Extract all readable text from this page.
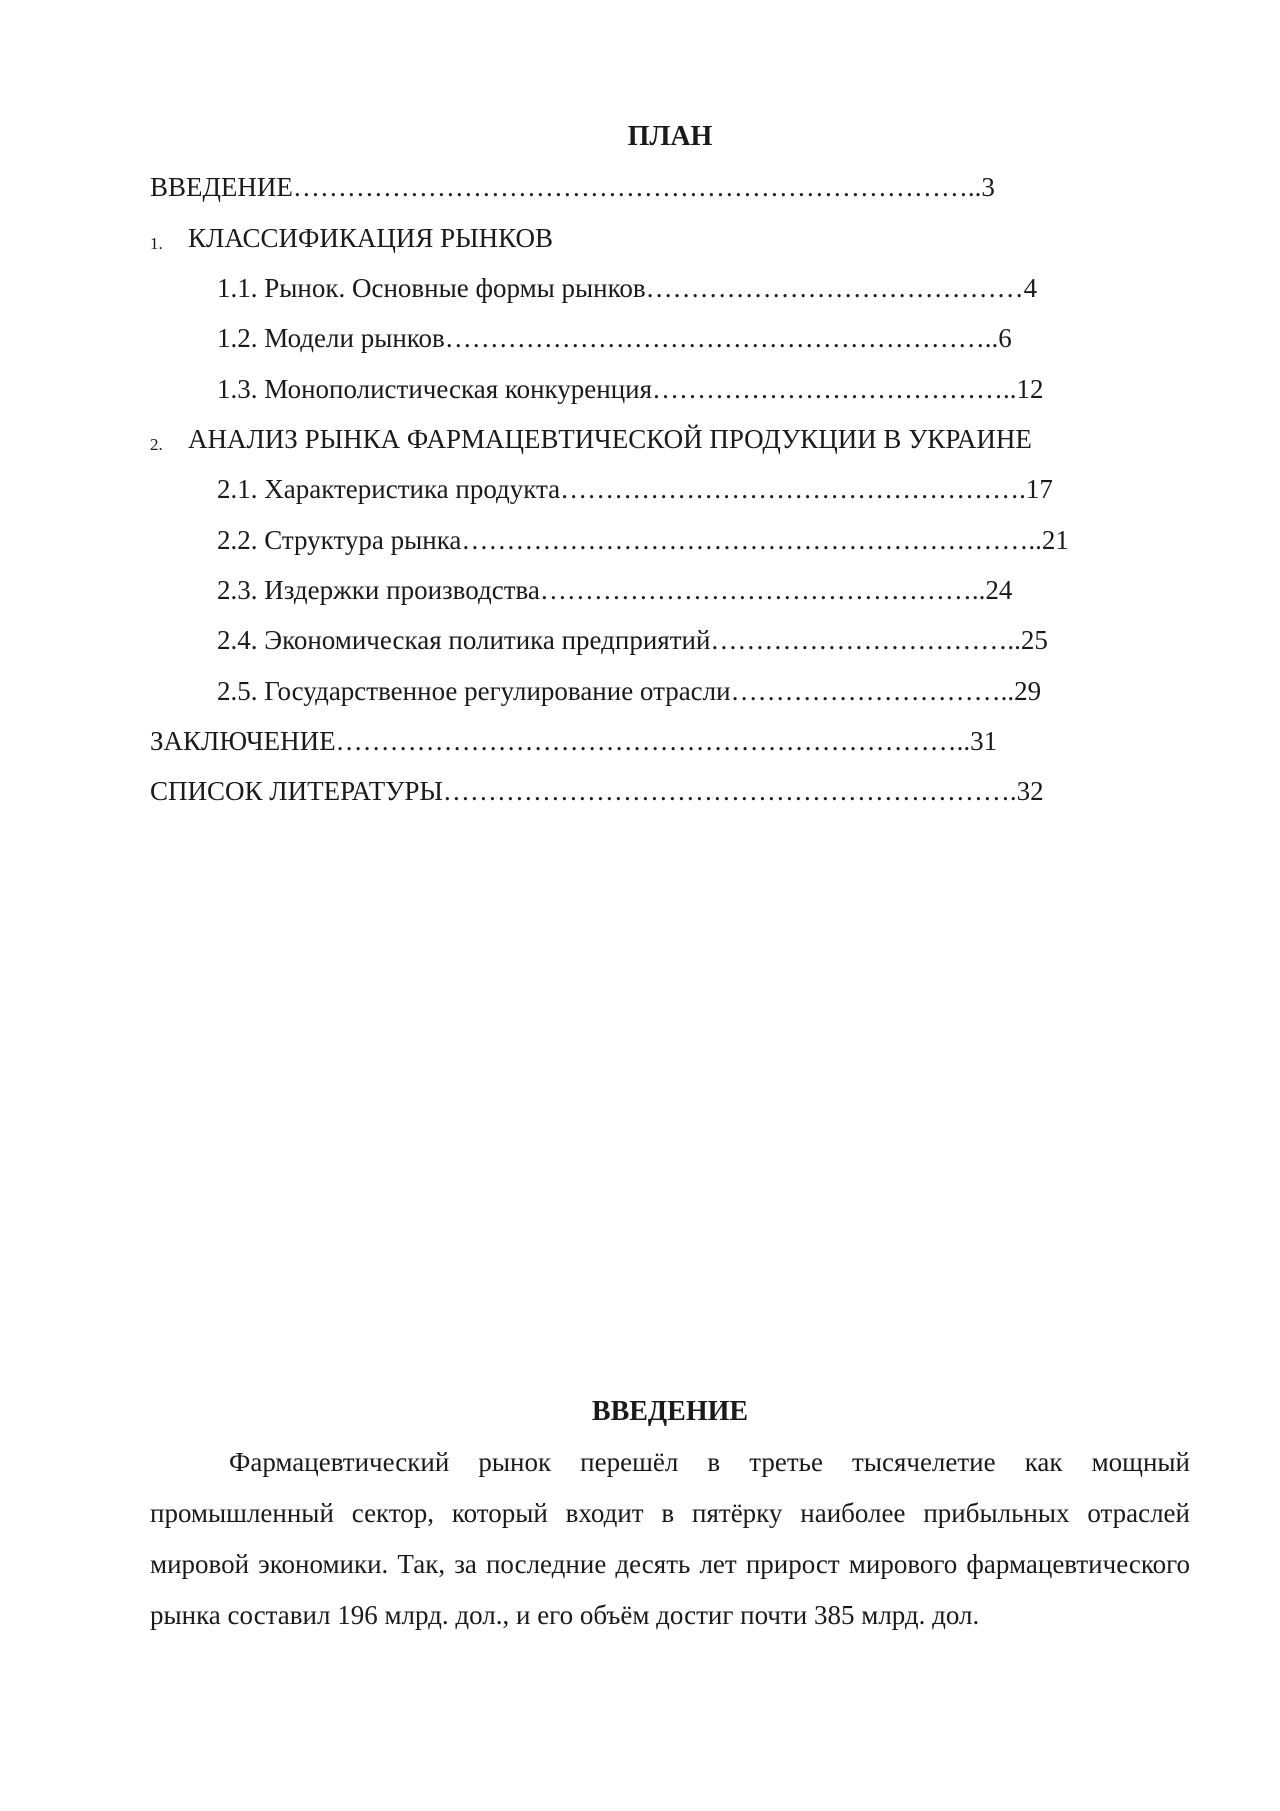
ПЛАН
ВВЕДЕНИЕ…………………………………………………………………..3
1. КЛАССИФИКАЦИЯ РЫНКОВ
1.1. Рынок. Основные формы рынков……………………………………4
1.2. Модели рынков……………………………………………………..6
1.3. Монополистическая конкуренция…………………………………..12
2. АНАЛИЗ РЫНКА ФАРМАЦЕВТИЧЕСКОЙ ПРОДУКЦИИ В УКРАИНЕ
2.1. Характеристика продукта…………………………………………….17
2.2. Структура рынка………………………………………………………..21
2.3. Издержки производства…………………………………………..24
2.4. Экономическая политика предприятий……………………………..25
2.5. Государственное регулирование отрасли…………………………..29
ЗАКЛЮЧЕНИЕ……………………………………………………………..31
СПИСОК ЛИТЕРАТУРЫ……………………………………………………….32
ВВЕДЕНИЕ

Фармацевтический рынок перешёл в третье тысячелетие как мощный промышленный сектор, который входит в пятёрку наиболее прибыльных отраслей мировой экономики. Так, за последние десять лет прирост мирового фармацевтического рынка составил 196 млрд. дол., и его объём достиг почти 385 млрд. дол.
